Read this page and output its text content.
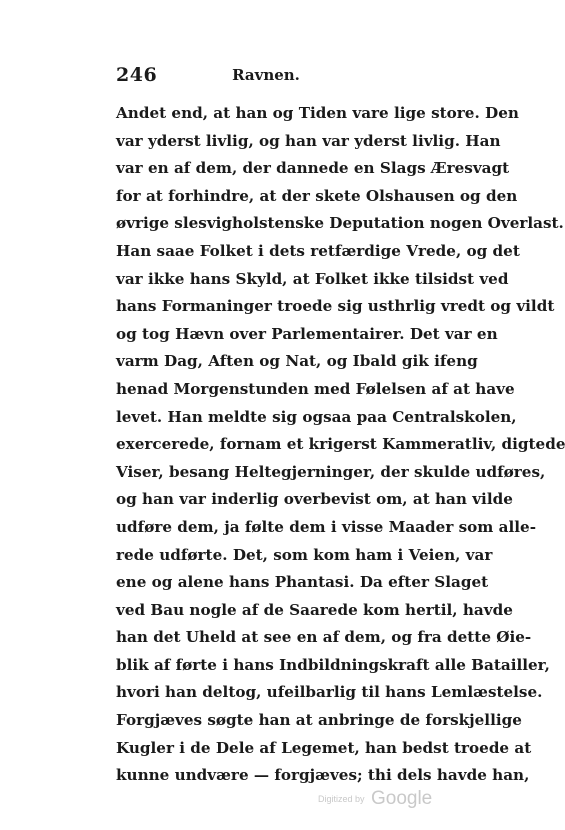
246	Ravnen.
Andet end, at han og Tiden vare lige store. Den
var yderst livlig, og han var yderst livlig. Han
var en af dem, der dannede en Slags Æresvagt
for at forhindre, at der skete Olshausen og den
øvrige slesvigholstenske Deputation nogen Overlast.
Han saae Folket i dets retfærdige Vrede, og det
var ikke hans Skyld, at Folket ikke tilsidst ved
hans Formaninger troede sig usthrlig vredt og vildt
og tog Hævn over Parlementairer. Det var en
varm Dag, Aften og Nat, og Ibald gik ifeng
henad Morgenstunden med Følelsen af at have
levet. Han meldte sig ogsaa paa Centralskolen,
exercerede, fornam et krigerst Kammeratliv, digtede
Viser, besang Heltegjerninger, der skulde udføres,
og han var inderlig overbevist om, at han vilde
udføre dem, ja følte dem i visse Maader som alle-
rede udførte. Det, som kom ham i Veien, var
ene og alene hans Phantasi. Da efter Slaget
ved Bau nogle af de Saarede kom hertil, havde
han det Uheld at see en af dem, og fra dette Øie-
blik af førte i hans Indbildningskraft alle Batailler,
hvori han deltog, ufeilbarlig til hans Lemlæstelse.
Forgjæves søgte han at anbringe de forskjellige
Kugler i de Dele af Legemet, han bedst troede at
kunne undvære — forgjæves; thi dels havde han,
Digitized by Google
